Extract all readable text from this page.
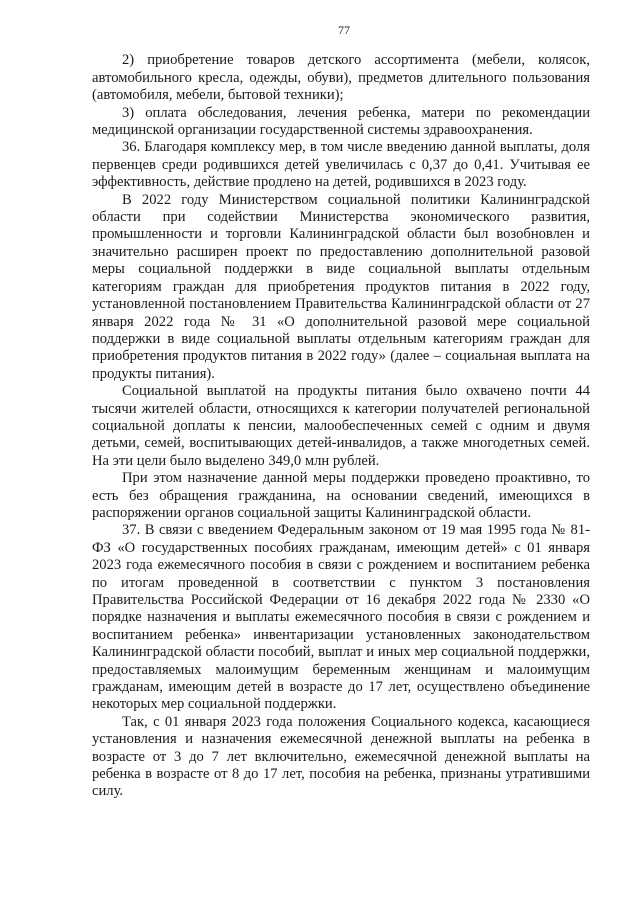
77

2) приобретение товаров детского ассортимента (мебели, колясок, автомобильного кресла, одежды, обуви), предметов длительного пользования (автомобиля, мебели, бытовой техники);

3) оплата обследования, лечения ребенка, матери по рекомендации медицинской организации государственной системы здравоохранения.

36. Благодаря комплексу мер, в том числе введению данной выплаты, доля первенцев среди родившихся детей увеличилась с 0,37 до 0,41. Учитывая ее эффективность, действие продлено на детей, родившихся в 2023 году.

В 2022 году Министерством социальной политики Калининградской области при содействии Министерства экономического развития, промышленности и торговли Калининградской области был возобновлен и значительно расширен проект по предоставлению дополнительной разовой меры социальной поддержки в виде социальной выплаты отдельным категориям граждан для приобретения продуктов питания в 2022 году, установленной постановлением Правительства Калининградской области от 27 января 2022 года № 31 «О дополнительной разовой мере социальной поддержки в виде социальной выплаты отдельным категориям граждан для приобретения продуктов питания в 2022 году» (далее – социальная выплата на продукты питания).

Социальной выплатой на продукты питания было охвачено почти 44 тысячи жителей области, относящихся к категории получателей региональной социальной доплаты к пенсии, малообеспеченных семей с одним и двумя детьми, семей, воспитывающих детей-инвалидов, а также многодетных семей. На эти цели было выделено 349,0 млн рублей.

При этом назначение данной меры поддержки проведено проактивно, то есть без обращения гражданина, на основании сведений, имеющихся в распоряжении органов социальной защиты Калининградской области.

37. В связи с введением Федеральным законом от 19 мая 1995 года № 81-ФЗ «О государственных пособиях гражданам, имеющим детей» с 01 января 2023 года ежемесячного пособия в связи с рождением и воспитанием ребенка по итогам проведенной в соответствии с пунктом 3 постановления Правительства Российской Федерации от 16 декабря 2022 года № 2330 «О порядке назначения и выплаты ежемесячного пособия в связи с рождением и воспитанием ребенка» инвентаризации установленных законодательством Калининградской области пособий, выплат и иных мер социальной поддержки, предоставляемых малоимущим беременным женщинам и малоимущим гражданам, имеющим детей в возрасте до 17 лет, осуществлено объединение некоторых мер социальной поддержки.

Так, с 01 января 2023 года положения Социального кодекса, касающиеся установления и назначения ежемесячной денежной выплаты на ребенка в возрасте от 3 до 7 лет включительно, ежемесячной денежной выплаты на ребенка в возрасте от 8 до 17 лет, пособия на ребенка, признаны утратившими силу.
